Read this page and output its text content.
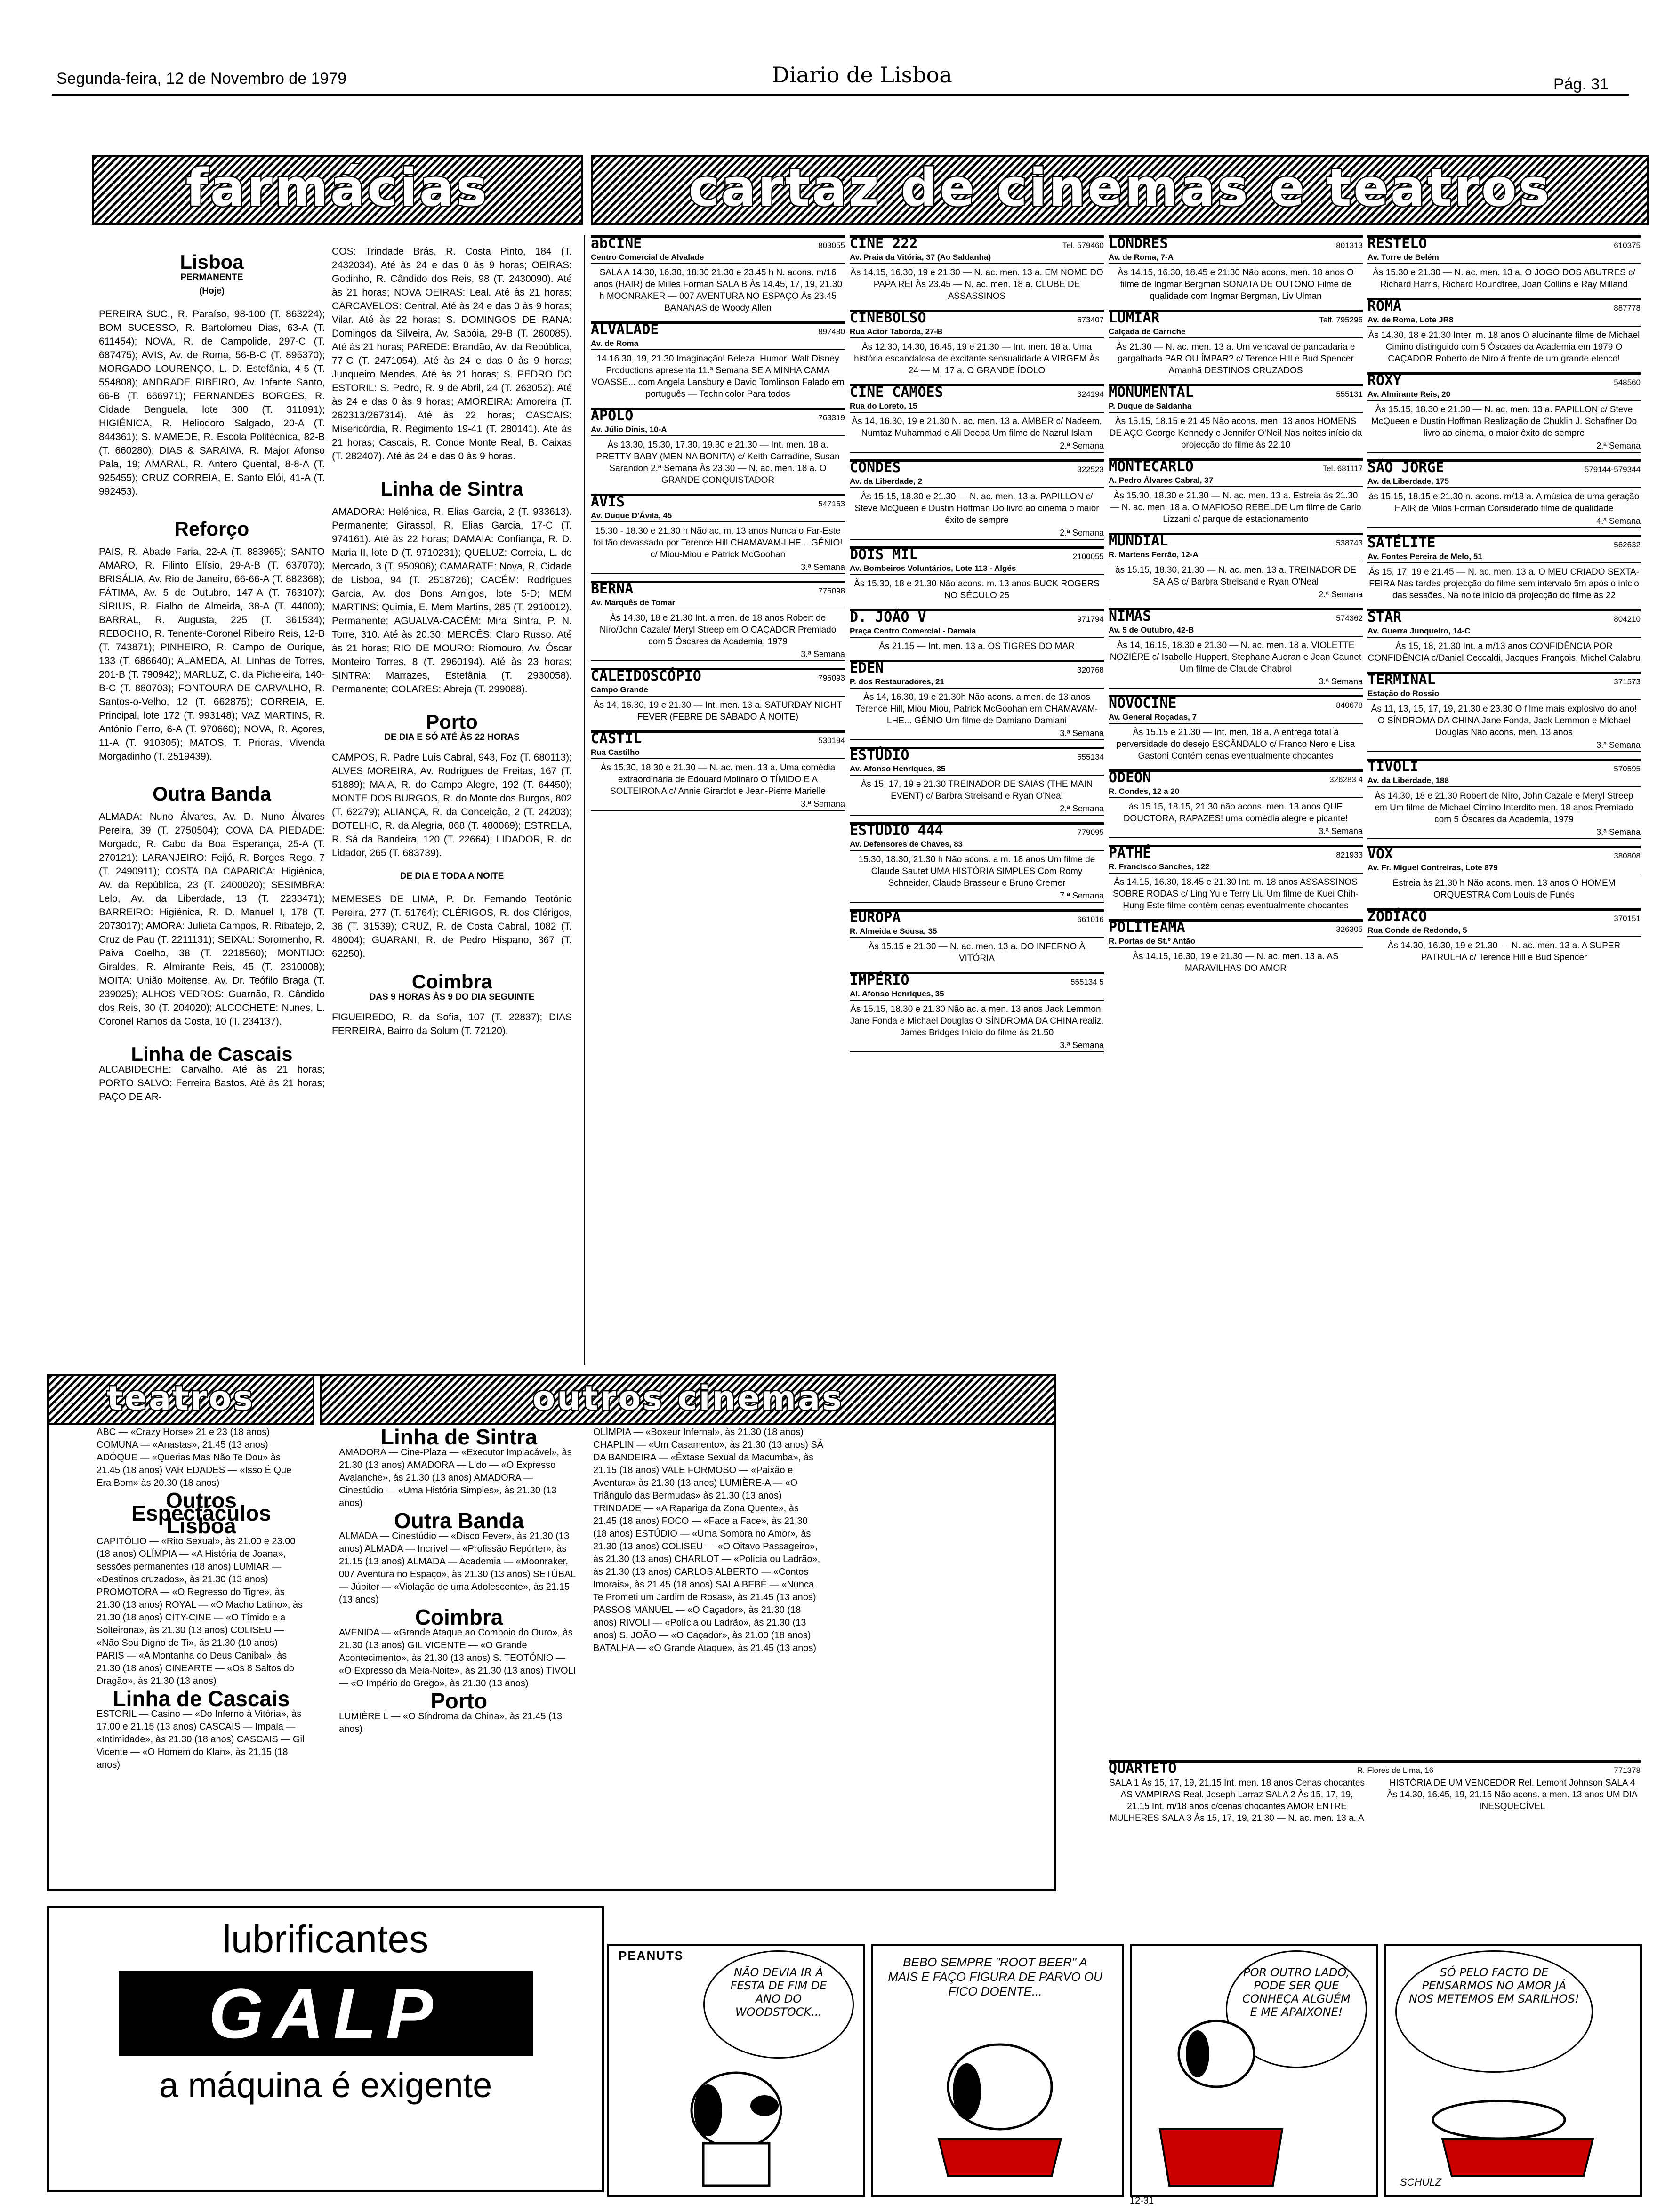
Segunda-feira, 12 de Novembro de 1979	Diario de Lisboa	Pág. 31
farmácias	cartaz de cinemas e teatros
Lisboa

PERMANENTE

(Hoje)

PEREIRA SUC., R. Paraíso, 98-100 (T. 863224); BOM SUCESSO, R. Bartolomeu Dias, 63-A (T. 611454); NOVA, R. de Campolide, 297-C (T. 687475); AVIS, Av. de Roma, 56-B-C (T. 895370); MORGADO LOURENÇO, L. D. Estefânia, 4-5 (T. 554808); ANDRADE RIBEIRO, Av. Infante Santo, 66-B (T. 666971); FERNANDES BORGES, R. Cidade Benguela, lote 300 (T. 311091); HIGIÉNICA, R. Heliodoro Salgado, 20-A (T. 844361); S. MAMEDE, R. Escola Politécnica, 82-B (T. 660280); DIAS & SARAIVA, R. Major Afonso Pala, 19; AMARAL, R. Antero Quental, 8-8-A (T. 925455); CRUZ CORREIA, E. Santo Elói, 41-A (T. 992453).

Reforço

PAIS, R. Abade Faria, 22-A (T. 883965); SANTO AMARO, R. Filinto Elísio, 29-A-B (T. 637070); BRISÁLIA, Av. Rio de Janeiro, 66-66-A (T. 882368); FÁTIMA, Av. 5 de Outubro, 147-A (T. 763107); SÍRIUS, R. Fialho de Almeida, 38-A (T. 44000); BARRAL, R. Augusta, 225 (T. 361534); REBOCHO, R. Tenente-Coronel Ribeiro Reis, 12-B (T. 743871); PINHEIRO, R. Campo de Ourique, 133 (T. 686640); ALAMEDA, Al. Linhas de Torres, 201-B (T. 790942); MARLUZ, C. da Picheleira, 140-B-C (T. 880703); FONTOURA DE CARVALHO, R. Santos-o-Velho, 12 (T. 662875); CORREIA, E. Principal, lote 172 (T. 993148); VAZ MARTINS, R. António Ferro, 6-A (T. 970660); NOVA, R. Açores, 11-A (T. 910305); MATOS, T. Prioras, Vivenda Morgadinho (T. 2519439).

Outra Banda

ALMADA: Nuno Álvares, Av. D. Nuno Álvares Pereira, 39 (T. 2750504); COVA DA PIEDADE: Morgado, R. Cabo da Boa Esperança, 25-A (T. 270121); LARANJEIRO: Feijó, R. Borges Rego, 7 (T. 2490911); COSTA DA CAPARICA: Higiénica, Av. da República, 23 (T. 2400020); SESIMBRA: Lelo, Av. da Liberdade, 13 (T. 2233471); BARREIRO: Higiénica, R. D. Manuel I, 178 (T. 2073017); AMORA: Julieta Campos, R. Ribatejo, 2, Cruz de Pau (T. 2211131); SEIXAL: Soromenho, R. Paiva Coelho, 38 (T. 2218560); MONTIJO: Giraldes, R. Almirante Reis, 45 (T. 2310008); MOITA: União Moitense, Av. Dr. Teófilo Braga (T. 239025); ALHOS VEDROS: Guarnão, R. Cândido dos Reis, 30 (T. 204020); ALCOCHETE: Nunes, L. Coronel Ramos da Costa, 10 (T. 234137).

Linha de Cascais

ALCABIDECHE: Carvalho. Até às 21 horas; PORTO SALVO: Ferreira Bastos. Até às 21 horas; PAÇO DE AR-

COS: Trindade Brás, R. Costa Pinto, 184 (T. 2432034). Até às 24 e das 0 às 9 horas; OEIRAS: Godinho, R. Cândido dos Reis, 98 (T. 2430090). Até às 21 horas; NOVA OEIRAS: Leal. Até às 21 horas; CARCAVELOS: Central. Até às 24 e das 0 às 9 horas; Vilar. Até às 22 horas; S. DOMINGOS DE RANA: Domingos da Silveira, Av. Sabóia, 29-B (T. 260085). Até às 21 horas; PAREDE: Brandão, Av. da República, 77-C (T. 2471054). Até às 24 e das 0 às 9 horas; Junqueiro Mendes. Até às 21 horas; S. PEDRO DO ESTORIL: S. Pedro, R. 9 de Abril, 24 (T. 263052). Até às 24 e das 0 às 9 horas; AMOREIRA: Amoreira (T. 262313/267314). Até às 22 horas; CASCAIS: Misericórdia, R. Regimento 19-41 (T. 280141). Até às 21 horas; Cascais, R. Conde Monte Real, B. Caixas (T. 282407). Até às 24 e das 0 às 9 horas.

Linha de Sintra

AMADORA: Helénica, R. Elias Garcia, 2 (T. 933613). Permanente; Girassol, R. Elias Garcia, 17-C (T. 974161). Até às 22 horas; DAMAIA: Confiança, R. D. Maria II, lote D (T. 9710231); QUELUZ: Correia, L. do Mercado, 3 (T. 950906); CAMARATE: Nova, R. Cidade de Lisboa, 94 (T. 2518726); CACÉM: Rodrigues Garcia, Av. dos Bons Amigos, lote 5-D; MEM MARTINS: Quimia, E. Mem Martins, 285 (T. 2910012). Permanente; AGUALVA-CACÉM: Mira Sintra, P. N. Torre, 310. Até às 20.30; MERCÊS: Claro Russo. Até às 21 horas; RIO DE MOURO: Riomouro, Av. Óscar Monteiro Torres, 8 (T. 2960194). Até às 23 horas; SINTRA: Marrazes, Estefânia (T. 2930058). Permanente; COLARES: Abreja (T. 299088).

Porto

DE DIA E SÓ ATÉ ÀS 22 HORAS

CAMPOS, R. Padre Luís Cabral, 943, Foz (T. 680113); ALVES MOREIRA, Av. Rodrigues de Freitas, 167 (T. 51889); MAIA, R. do Campo Alegre, 192 (T. 64450); MONTE DOS BURGOS, R. do Monte dos Burgos, 802 (T. 62279); ALIANÇA, R. da Conceição, 2 (T. 24203); BOTELHO, R. da Alegria, 868 (T. 480069); ESTRELA, R. Sá da Bandeira, 120 (T. 22664); LIDADOR, R. do Lidador, 265 (T. 683739).

DE DIA E TODA A NOITE

MEMESES DE LIMA, P. Dr. Fernando Teotónio Pereira, 277 (T. 51764); CLÉRIGOS, R. dos Clérigos, 36 (T. 31539); CRUZ, R. de Costa Cabral, 1082 (T. 48004); GUARANI, R. de Pedro Hispano, 367 (T. 62250).

Coimbra

DAS 9 HORAS ÀS 9 DO DIA SEGUINTE

FIGUEIREDO, R. da Sofia, 107 (T. 22837); DIAS FERREIRA, Bairro da Solum (T. 72120).

abCINE	803055
Centro Comercial de Alvalade
SALA A 14.30, 16.30, 18.30 21.30 e 23.45 h N. acons. m/16 anos (HAIR) de Milles Forman SALA B Às 14.45, 17, 19, 21.30 h MOONRAKER — 007 AVENTURA NO ESPAÇO Às 23.45 BANANAS de Woody Allen
ALVALADE	897480
Av. de Roma
14.16.30, 19, 21.30 Imaginação! Beleza! Humor! Walt Disney Productions apresenta 11.ª Semana SE A MINHA CAMA VOASSE... com Angela Lansbury e David Tomlinson Falado em português — Technicolor Para todos
APOLO	763319
Av. Júlio Dinis, 10-A
Às 13.30, 15.30, 17.30, 19.30 e 21.30 — Int. men. 18 a. PRETTY BABY (MENINA BONITA) c/ Keith Carradine, Susan Sarandon 2.ª Semana Às 23.30 — N. ac. men. 18 a. O GRANDE CONQUISTADOR
AVIS	547163
Av. Duque D'Ávila, 45
15.30 - 18.30 e 21.30 h Não ac. m. 13 anos Nunca o Far-Este foi tão devassado por Terence Hill CHAMAVAM-LHE... GÉNIO! c/ Miou-Miou e Patrick McGoohan
3.ª Semana
BERNA	776098
Av. Marquês de Tomar
Às 14.30, 18 e 21.30 Int. a men. de 18 anos Robert de Niro/John Cazale/ Meryl Streep em O CAÇADOR Premiado com 5 Óscares da Academia, 1979
3.ª Semana
CALEIDOSCÓPIO	795093
Campo Grande
Às 14, 16.30, 19 e 21.30 — Int. men. 13 a. SATURDAY NIGHT FEVER (FEBRE DE SÁBADO À NOITE)
CASTIL	530194
Rua Castilho
Às 15.30, 18.30 e 21.30 — N. ac. men. 13 a. Uma comédia extraordinária de Edouard Molinaro O TÍMIDO E A SOLTEIRONA c/ Annie Girardot e Jean-Pierre Marielle
3.ª Semana
CINE 222	Tel. 579460
Av. Praia da Vitória, 37 (Ao Saldanha)
Às 14.15, 16.30, 19 e 21.30 — N. ac. men. 13 a. EM NOME DO PAPA REI Às 23.45 — N. ac. men. 18 a. CLUBE DE ASSASSINOS
CINEBOLSO	573407
Rua Actor Taborda, 27-B
Às 12.30, 14.30, 16.45, 19 e 21.30 — Int. men. 18 a. Uma história escandalosa de excitante sensualidade A VIRGEM Às 24 — M. 17 a. O GRANDE ÍDOLO
CINE CAMÕES	324194
Rua do Loreto, 15
Às 14, 16.30, 19 e 21.30 N. ac. men. 13 a. AMBER c/ Nadeem, Numtaz Muhammad e Ali Deeba Um filme de Nazrul Islam
2.ª Semana
CONDES	322523
Av. da Liberdade, 2
Às 15.15, 18.30 e 21.30 — N. ac. men. 13 a. PAPILLON c/ Steve McQueen e Dustin Hoffman Do livro ao cinema o maior êxito de sempre
2.ª Semana
DOIS MIL	2100055
Av. Bombeiros Voluntários, Lote 113 - Algés
Às 15.30, 18 e 21.30 Não acons. m. 13 anos BUCK ROGERS NO SÉCULO 25
D. JOÃO V	971794
Praça Centro Comercial - Damaia
Às 21.15 — Int. men. 13 a. OS TIGRES DO MAR
EDEN	320768
P. dos Restauradores, 21
Às 14, 16.30, 19 e 21.30h Não acons. a men. de 13 anos Terence Hill, Miou Miou, Patrick McGoohan em CHAMAVAM-LHE... GÉNIO Um filme de Damiano Damiani
3.ª Semana
ESTÚDIO	555134
Av. Afonso Henriques, 35
Às 15, 17, 19 e 21.30 TREINADOR DE SAIAS (THE MAIN EVENT) c/ Barbra Streisand e Ryan O'Neal
2.ª Semana
ESTÚDIO 444	779095
Av. Defensores de Chaves, 83
15.30, 18.30, 21.30 h Não acons. a m. 18 anos Um filme de Claude Sautet UMA HISTÓRIA SIMPLES Com Romy Schneider, Claude Brasseur e Bruno Cremer
7.ª Semana
EUROPA	661016
R. Almeida e Sousa, 35
Às 15.15 e 21.30 — N. ac. men. 13 a. DO INFERNO À VITÓRIA
IMPÉRIO	555134 5
Al. Afonso Henriques, 35
Às 15.15, 18.30 e 21.30 Não ac. a men. 13 anos Jack Lemmon, Jane Fonda e Michael Douglas O SÍNDROMA DA CHINA realiz. James Bridges Início do filme às 21.50
3.ª Semana
LONDRES	801313
Av. de Roma, 7-A
Às 14.15, 16.30, 18.45 e 21.30 Não acons. men. 18 anos O filme de Ingmar Bergman SONATA DE OUTONO Filme de qualidade com Ingmar Bergman, Liv Ulman
LUMIAR	Telf. 795296
Calçada de Carriche
Às 21.30 — N. ac. men. 13 a. Um vendaval de pancadaria e gargalhada PAR OU ÍMPAR? c/ Terence Hill e Bud Spencer Amanhã DESTINOS CRUZADOS
MONUMENTAL	555131
P. Duque de Saldanha
Às 15.15, 18.15 e 21.45 Não acons. men. 13 anos HOMENS DE AÇO George Kennedy e Jennifer O'Neil Nas noites início da projecção do filme às 22.10
MONTECARLO	Tel. 681117
A. Pedro Álvares Cabral, 37
Às 15.30, 18.30 e 21.30 — N. ac. men. 13 a. Estreia às 21.30 — N. ac. men. 18 a. O MAFIOSO REBELDE Um filme de Carlo Lizzani c/ parque de estacionamento
MUNDIAL	538743
R. Martens Ferrão, 12-A
às 15.15, 18.30, 21.30 — N. ac. men. 13 a. TREINADOR DE SAIAS c/ Barbra Streisand e Ryan O'Neal
2.ª Semana
NIMAS	574362
Av. 5 de Outubro, 42-B
Às 14, 16.15, 18.30 e 21.30 — N. ac. men. 18 a. VIOLETTE NOZIÈRE c/ Isabelle Huppert, Stephane Audran e Jean Caunet Um filme de Claude Chabrol
3.ª Semana
NOVOCINE	840678
Av. General Roçadas, 7
Às 15.15 e 21.30 — Int. men. 18 a. A entrega total à perversidade do desejo ESCÂNDALO c/ Franco Nero e Lisa Gastoni Contém cenas eventualmente chocantes
ODEON	326283 4
R. Condes, 12 a 20
às 15.15, 18.15, 21.30 não acons. men. 13 anos QUE DOUCTORA, RAPAZES! uma comédia alegre e picante!
3.ª Semana
PATHÉ	821933
R. Francisco Sanches, 122
Às 14.15, 16.30, 18.45 e 21.30 Int. m. 18 anos ASSASSINOS SOBRE RODAS c/ Ling Yu e Terry Liu Um filme de Kuei Chih-Hung Este filme contém cenas eventualmente chocantes
POLITEAMA	326305
R. Portas de St.º Antão
Às 14.15, 16.30, 19 e 21.30 — N. ac. men. 13 a. AS MARAVILHAS DO AMOR
RESTELO	610375
Av. Torre de Belém
Às 15.30 e 21.30 — N. ac. men. 13 a. O JOGO DOS ABUTRES c/ Richard Harris, Richard Roundtree, Joan Collins e Ray Milland
ROMA	887778
Av. de Roma, Lote JR8
Às 14.30, 18 e 21.30 Inter. m. 18 anos O alucinante filme de Michael Cimino distinguido com 5 Óscares da Academia em 1979 O CAÇADOR Roberto de Niro à frente de um grande elenco!
ROXY	548560
Av. Almirante Reis, 20
Às 15.15, 18.30 e 21.30 — N. ac. men. 13 a. PAPILLON c/ Steve McQueen e Dustin Hoffman Realização de Chuklin J. Schaffner Do livro ao cinema, o maior êxito de sempre
2.ª Semana
SÃO JORGE	579144-579344
Av. da Liberdade, 175
às 15.15, 18.15 e 21.30 n. acons. m/18 a. A música de uma geração HAIR de Milos Forman Considerado filme de qualidade
4.ª Semana
SATÉLITE	562632
Av. Fontes Pereira de Melo, 51
Às 15, 17, 19 e 21.45 — N. ac. men. 13 a. O MEU CRIADO SEXTA-FEIRA Nas tardes projecção do filme sem intervalo 5m após o início das sessões. Na noite início da projecção do filme às 22
STAR	804210
Av. Guerra Junqueiro, 14-C
Às 15, 18, 21.30 Int. a m/13 anos CONFIDÊNCIA POR CONFIDÊNCIA c/Daniel Ceccaldi, Jacques François, Michel Calabru
TERMINAL	371573
Estação do Rossio
Às 11, 13, 15, 17, 19, 21.30 e 23.30 O filme mais explosivo do ano! O SÍNDROMA DA CHINA Jane Fonda, Jack Lemmon e Michael Douglas Não acons. men. 13 anos
3.ª Semana
TIVOLI	570595
Av. da Liberdade, 188
Às 14.30, 18 e 21.30 Robert de Niro, John Cazale e Meryl Streep em Um filme de Michael Cimino Interdito men. 18 anos Premiado com 5 Óscares da Academia, 1979
3.ª Semana
VOX	380808
Av. Fr. Miguel Contreiras, Lote 879
Estreia às 21.30 h Não acons. men. 13 anos O HOMEM ORQUESTRA Com Louis de Funès
ZODÍACO	370151
Rua Conde de Redondo, 5
Às 14.30, 16.30, 19 e 21.30 — N. ac. men. 13 a. A SUPER PATRULHA c/ Terence Hill e Bud Spencer
QUARTETO	R. Flores de Lima, 16	771378
SALA 1 Às 15, 17, 19, 21.15 Int. men. 18 anos Cenas chocantes AS VAMPIRAS Real. Joseph Larraz SALA 2 Às 15, 17, 19, 21.15 Int. m/18 anos c/cenas chocantes AMOR ENTRE MULHERES SALA 3 Às 15, 17, 19, 21.30 — N. ac. men. 13 a. A HISTÓRIA DE UM VENCEDOR Rel. Lemont Johnson SALA 4 Às 14.30, 16.45, 19, 21.15 Não acons. a men. 13 anos UM DIA INESQUECÍVEL
teatros	outros cinemas

ABC — «Crazy Horse» 21 e 23 (18 anos) COMUNA — «Anastas», 21.45 (13 anos) ADÓQUE — «Querias Mas Não Te Dou» às 21.45 (18 anos) VARIEDADES — «Isso É Que Era Bom» às 20.30 (18 anos)

Outros Espectáculos Lisboa

CAPITÓLIO — «Rito Sexual», às 21.00 e 23.00 (18 anos) OLÍMPIA — «A História de Joana», sessões permanentes (18 anos) LUMIAR — «Destinos cruzados», às 21.30 (13 anos) PROMOTORA — «O Regresso do Tigre», às 21.30 (13 anos) ROYAL — «O Macho Latino», às 21.30 (18 anos) CITY-CINE — «O Tímido e a Solteirona», às 21.30 (13 anos) COLISEU — «Não Sou Digno de Ti», às 21.30 (10 anos) PARIS — «A Montanha do Deus Canibal», às 21.30 (18 anos) CINEARTE — «Os 8 Saltos do Dragão», às 21.30 (13 anos)

Linha de Cascais

ESTORIL — Casino — «Do Inferno à Vitória», às 17.00 e 21.15 (13 anos) CASCAIS — Impala — «Intimidade», às 21.30 (18 anos) CASCAIS — Gil Vicente — «O Homem do Klan», às 21.15 (18 anos)

Linha de Sintra

AMADORA — Cine-Plaza — «Executor Implacável», às 21.30 (13 anos) AMADORA — Lido — «O Expresso Avalanche», às 21.30 (13 anos) AMADORA — Cinestúdio — «Uma História Simples», às 21.30 (13 anos)

Outra Banda

ALMADA — Cinestúdio — «Disco Fever», às 21.30 (13 anos) ALMADA — Incrível — «Profissão Repórter», às 21.15 (13 anos) ALMADA — Academia — «Moonraker, 007 Aventura no Espaço», às 21.30 (13 anos) SETÚBAL — Júpiter — «Violação de uma Adolescente», às 21.15 (13 anos)

Coimbra

AVENIDA — «Grande Ataque ao Comboio do Ouro», às 21.30 (13 anos) GIL VICENTE — «O Grande Acontecimento», às 21.30 (13 anos) S. TEOTÓNIO — «O Expresso da Meia-Noite», às 21.30 (13 anos) TIVOLI — «O Império do Grego», às 21.30 (13 anos)

Porto

LUMIÈRE L — «O Síndroma da China», às 21.45 (13 anos)

OLÍMPIA — «Boxeur Infernal», às 21.30 (18 anos) CHAPLIN — «Um Casamento», às 21.30 (13 anos) SÁ DA BANDEIRA — «Êxtase Sexual da Macumba», às 21.15 (18 anos) VALE FORMOSO — «Paixão e Aventura» às 21.30 (13 anos) LUMIÈRE-A — «O Triângulo das Bermudas» às 21.30 (13 anos) TRINDADE — «A Rapariga da Zona Quente», às 21.45 (18 anos) FOCO — «Face a Face», às 21.30 (18 anos) ESTÚDIO — «Uma Sombra no Amor», às 21.30 (13 anos) COLISEU — «O Oitavo Passageiro», às 21.30 (13 anos) CHARLOT — «Polícia ou Ladrão», às 21.30 (13 anos) CARLOS ALBERTO — «Contos Imorais», às 21.45 (18 anos) SALA BEBÉ — «Nunca Te Prometi um Jardim de Rosas», às 21.45 (13 anos) PASSOS MANUEL — «O Caçador», às 21.30 (18 anos) RIVOLI — «Polícia ou Ladrão», às 21.30 (13 anos) S. JOÃO — «O Caçador», às 21.00 (18 anos) BATALHA — «O Grande Ataque», às 21.45 (13 anos)

lubrificantes
GALP
a máquina é exigente
PEANUTS
NÃO DEVIA IR À FESTA DE FIM DE ANO DO WOODSTOCK...
BEBO SEMPRE "ROOT BEER" A MAIS E FAÇO FIGURA DE PARVO OU FICO DOENTE...
POR OUTRO LADO, PODE SER QUE CONHEÇA ALGUÉM E ME APAIXONE!
SÓ PELO FACTO DE PENSARMOS NO AMOR JÁ NOS METEMOS EM SARILHOS!
SCHULZ
12-31
